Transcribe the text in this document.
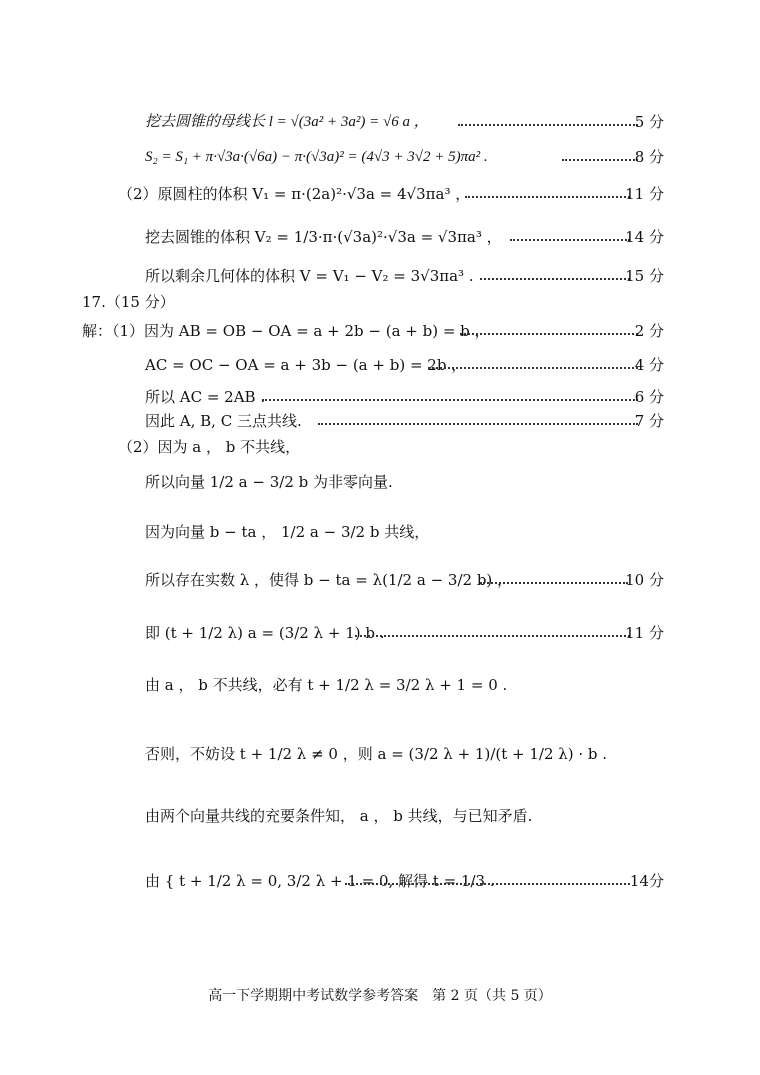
挖去圆锥的母线长 l = √(3a² + 3a²) = √6 a ，	5 分
S₂ = S₁ + π·√3a·(√6a) − π·(√3a)² = (4√3 + 3√2 + 5)πa² .	8 分
（2）原圆柱的体积 V₁ = π·(2a)²·√3a = 4√3πa³ ，	11 分
挖去圆锥的体积 V₂ = 1/3·π·(√3a)²·√3a = √3πa³ ，	14 分
所以剩余几何体的体积 V = V₁ − V₂ = 3√3πa³ .	15 分
17.（15 分）
解：（1）因为 AB = OB − OA = a + 2b − (a + b) = b ，	2 分
AC = OC − OA = a + 3b − (a + b) = 2b ，	4 分
所以 AC = 2AB .	6 分
因此 A, B, C 三点共线.	7 分
（2）因为 a ， b 不共线，
所以向量 1/2 a − 3/2 b 为非零向量.
因为向量 b − ta ， 1/2 a − 3/2 b 共线，
所以存在实数 λ ，使得 b − ta = λ(1/2 a − 3/2 b) ，	10 分
即 (t + 1/2 λ) a = (3/2 λ + 1) b .	11 分
由 a ， b 不共线，必有 t + 1/2 λ = 3/2 λ + 1 = 0 .
否则，不妨设 t + 1/2 λ ≠ 0 ，则 a = (3/2 λ + 1)/(t + 1/2 λ) · b .
由两个向量共线的充要条件知， a ， b 共线，与已知矛盾.
由 { t + 1/2 λ = 0, 3/2 λ + 1 = 0, 解得 t = 1/3 .	14分
高一下学期期中考试数学参考答案　第 2 页（共 5 页）
